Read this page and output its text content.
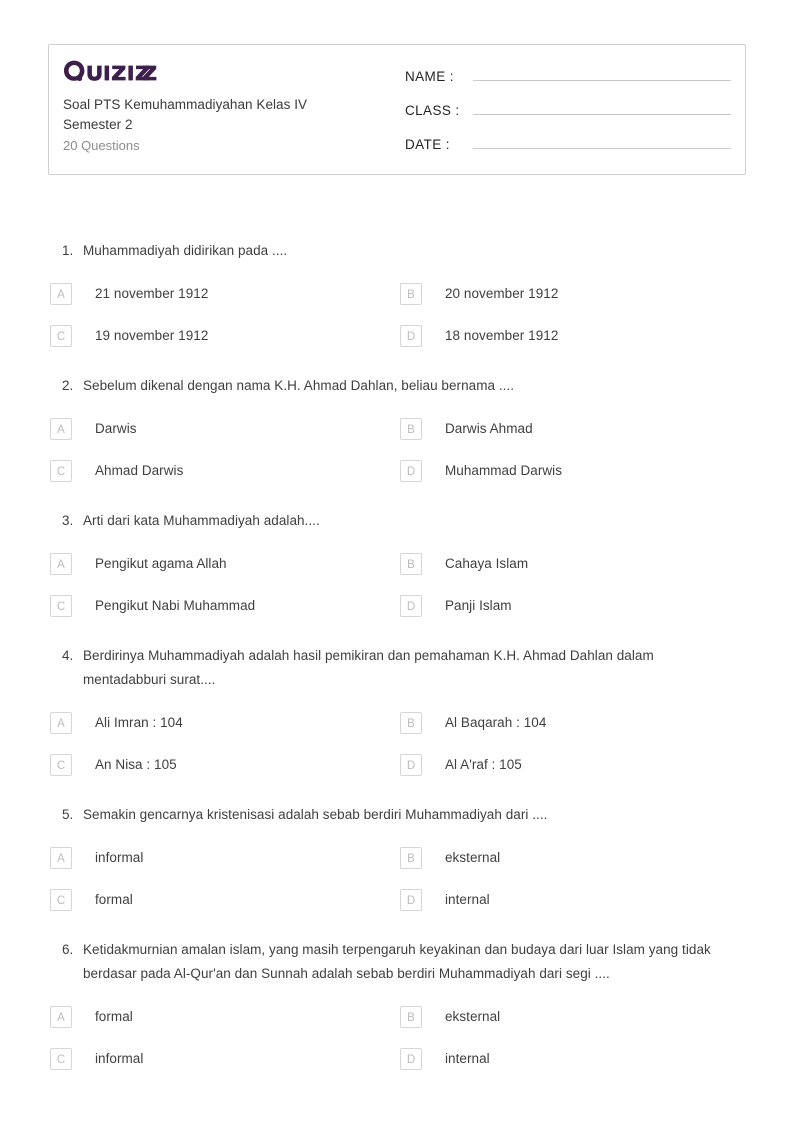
Soal PTS Kemuhammadiyahan Kelas IV Semester 2
20 Questions
NAME :
CLASS :
DATE :
1. Muhammadiyah didirikan pada ....
A	21 november 1912	B	20 november 1912
C	19 november 1912	D	18 november 1912
2. Sebelum dikenal dengan nama K.H. Ahmad Dahlan, beliau bernama ....
A	Darwis	B	Darwis Ahmad
C	Ahmad Darwis	D	Muhammad Darwis
3. Arti dari kata Muhammadiyah adalah....
A	Pengikut agama Allah	B	Cahaya Islam
C	Pengikut Nabi Muhammad	D	Panji Islam
4. Berdirinya Muhammadiyah adalah hasil pemikiran dan pemahaman K.H. Ahmad Dahlan dalam mentadabburi surat....
A	Ali Imran : 104	B	Al Baqarah : 104
C	An Nisa : 105	D	Al A'raf : 105
5. Semakin gencarnya kristenisasi adalah sebab berdiri Muhammadiyah dari ....
A	informal	B	eksternal
C	formal	D	internal
6. Ketidakmurnian amalan islam, yang masih terpengaruh keyakinan dan budaya dari luar Islam yang tidak berdasar pada Al-Qur'an dan Sunnah adalah sebab berdiri Muhammadiyah dari segi ....
A	formal	B	eksternal
C	informal	D	internal
